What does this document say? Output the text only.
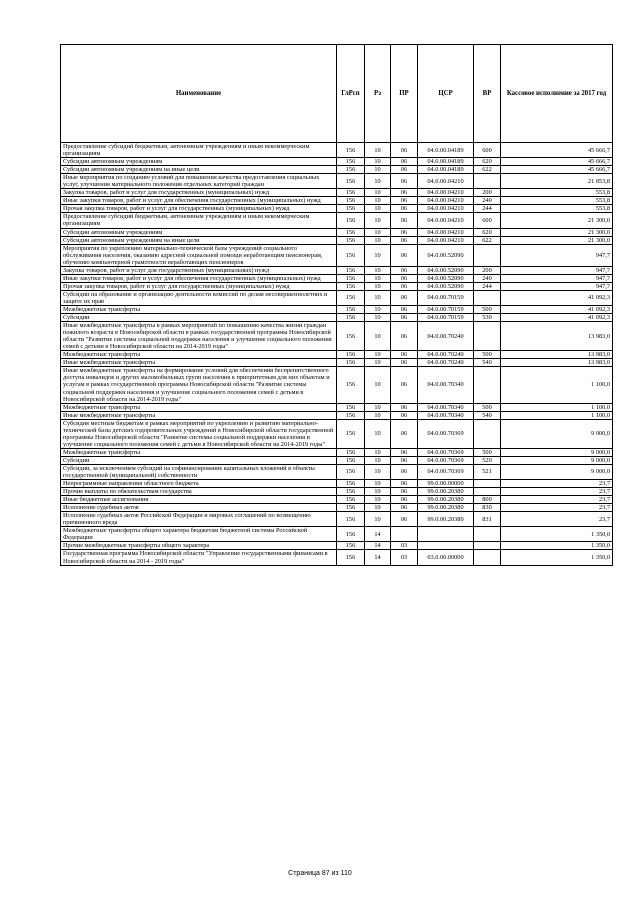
Наименование	ГлРсп	Рз	ПР	ЦСР	ВР	Кассовое исполнение за 2017 год
Предоставление субсидий бюджетным, автономным учреждениям и иным некоммерческим организациям	156	10	06	04.0.00.04189	600	45 666,7
Субсидии автономным учреждениям	156	10	06	04.0.00.04189	620	45 666,7
Субсидии автономным учреждениям на иные цели	156	10	06	04.0.00.04189	622	45 666,7
Иные мероприятия по созданию условий для повышения качества предоставления социальных услуг, улучшения материального положения отдельных категорий граждан	156	10	06	04.0.00.04210		21 853,8
Закупка товаров, работ и услуг для государственных (муниципальных) нужд	156	10	06	04.0.00.04210	200	553,8
Иные закупки товаров, работ и услуг для обеспечения государственных (муниципальных) нужд	156	10	06	04.0.00.04210	240	553,8
Прочая закупка товаров, работ и услуг для государственных (муниципальных) нужд	156	10	06	04.0.00.04210	244	553,8
Предоставление субсидий бюджетным, автономным учреждениям и иным некоммерческим организациям	156	10	06	04.0.00.04210	600	21 300,0
Субсидии автономным учреждениям	156	10	06	04.0.00.04210	620	21 300,0
Субсидии автономным учреждениям на иные цели	156	10	06	04.0.00.04210	622	21 300,0
Мероприятия по укреплению материально-технической базы учреждений социального обслуживания населения, оказанию адресной социальной помощи неработающим пенсионерам, обучению компьютерной грамотности неработающих пенсионеров	156	10	06	04.0.00.52090		947,7
Закупка товаров, работ и услуг для государственных (муниципальных) нужд	156	10	06	04.0.00.52090	200	947,7
Иные закупки товаров, работ и услуг для обеспечения государственных (муниципальных) нужд	156	10	06	04.0.00.52090	240	947,7
Прочая закупка товаров, работ и услуг для государственных (муниципальных) нужд	156	10	06	04.0.00.52090	244	947,7
Субсидии на образование и организацию деятельности комиссий по делам несовершеннолетних и защите их прав	156	10	06	04.0.00.70159		41 092,3
Межбюджетные трансферты	156	10	06	04.0.00.70159	500	41 092,3
Субсидии	156	10	06	04.0.00.70159	530	41 092,3
Иные межбюджетные трансферты в рамках мероприятий по повышению качества жизни граждан пожилого возраста в Новосибирской области в рамках государственной программы Новосибирской области "Развитие системы социальной поддержки населения и улучшение социального положения семей с детьми в Новосибирской области на 2014-2019 годы"	156	10	06	04.0.00.70240		13 983,0
Межбюджетные трансферты	156	10	06	04.0.00.70240	500	13 983,0
Иные межбюджетные трансферты	156	10	06	04.0.00.70240	540	13 983,0
Иные межбюджетные трансферты на формирование условий для обеспечения беспрепятственного доступа инвалидов и других маломобильных групп населения к приоритетным для них объектам и услугам в рамках государственной программы Новосибирской области "Развитие системы социальной поддержки населения и улучшение социального положения семей с детьми в Новосибирской области на 2014-2019 годы"	156	10	06	04.0.00.70340		1 100,0
Межбюджетные трансферты	156	10	06	04.0.00.70340	500	1 100,0
Иные межбюджетные трансферты	156	10	06	04.0.00.70340	540	1 100,0
Субсидия местным бюджетам в рамках мероприятий по укреплению и развитию материально-технической базы детских оздоровительных учреждений в Новосибирской области государственной программы Новосибирской области "Развитие системы социальной поддержки населения и улучшение социального положения семей с детьми в Новосибирской области на 2014-2019 годы"	156	10	06	04.0.00.70369		9 000,0
Межбюджетные трансферты	156	10	06	04.0.00.70369	500	9 000,0
Субсидии	156	10	06	04.0.00.70369	520	9 000,0
Субсидии, за исключением субсидий на софинансирование капитальных вложений в объекты государственной (муниципальной) собственности	156	10	06	04.0.00.70369	521	9 000,0
Непрограммные направления областного бюджета	156	10	06	99.0.00.00000		23,7
Прочие выплаты по обязательствам государства	156	10	06	99.0.00.20380		23,7
Иные бюджетные ассигнования	156	10	06	99.0.00.20380	800	23,7
Исполнение судебных актов	156	10	06	99.0.00.20380	830	23,7
Исполнение судебных актов Российской Федерации и мировых соглашений по возмещению причиненного вреда	156	10	06	99.0.00.20380	831	23,7
Межбюджетные трансферты общего характера бюджетам бюджетной системы Российской Федерации	156	14				1 350,0
Прочие межбюджетные трансферты общего характера	156	14	03			1 350,0
Государственная программа Новосибирской области "Управление государственными финансами в Новосибирской области на 2014 - 2019 годы"	156	14	03	03.0.00.00000		1 350,0
Страница 87 из 110
